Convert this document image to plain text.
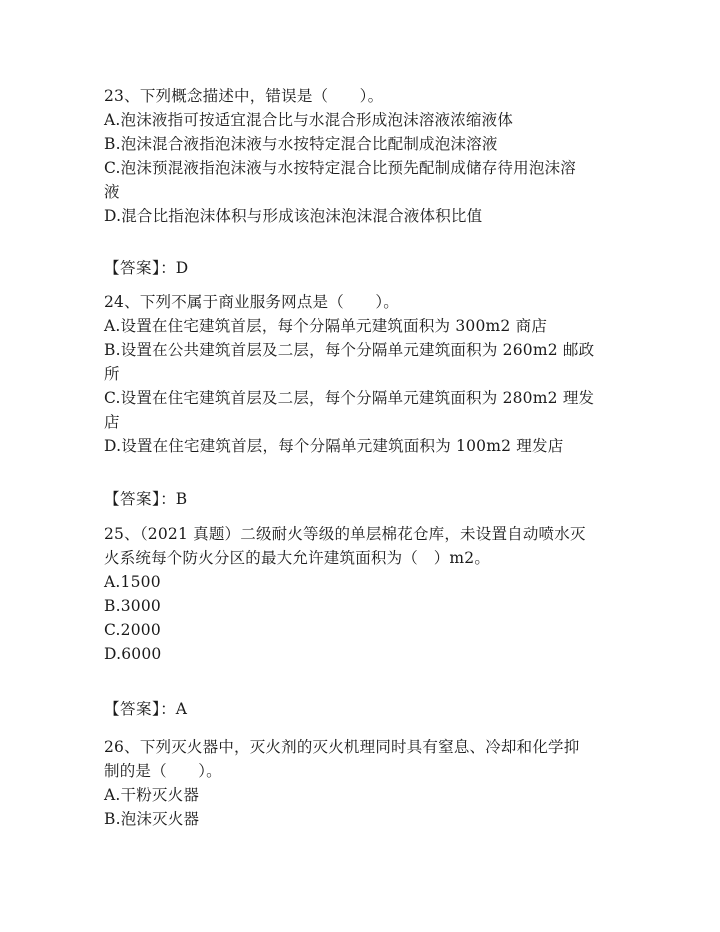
23、下列概念描述中，错误是（　　）。
A.泡沫液指可按适宜混合比与水混合形成泡沫溶液浓缩液体
B.泡沫混合液指泡沫液与水按特定混合比配制成泡沫溶液
C.泡沫预混液指泡沫液与水按特定混合比预先配制成储存待用泡沫溶
液
D.混合比指泡沫体积与形成该泡沫泡沫混合液体积比值
【答案】：D
24、下列不属于商业服务网点是（　　）。
A.设置在住宅建筑首层，每个分隔单元建筑面积为 300m2 商店
B.设置在公共建筑首层及二层，每个分隔单元建筑面积为 260m2 邮政
所
C.设置在住宅建筑首层及二层，每个分隔单元建筑面积为 280m2 理发
店
D.设置在住宅建筑首层，每个分隔单元建筑面积为 100m2 理发店
【答案】：B
25、（2021 真题）二级耐火等级的单层棉花仓库，未设置自动喷水灭
火系统每个防火分区的最大允许建筑面积为（　）m2。
A.1500
B.3000
C.2000
D.6000
【答案】：A
26、下列灭火器中，灭火剂的灭火机理同时具有窒息、冷却和化学抑
制的是（　　）。
A.干粉灭火器
B.泡沫灭火器
